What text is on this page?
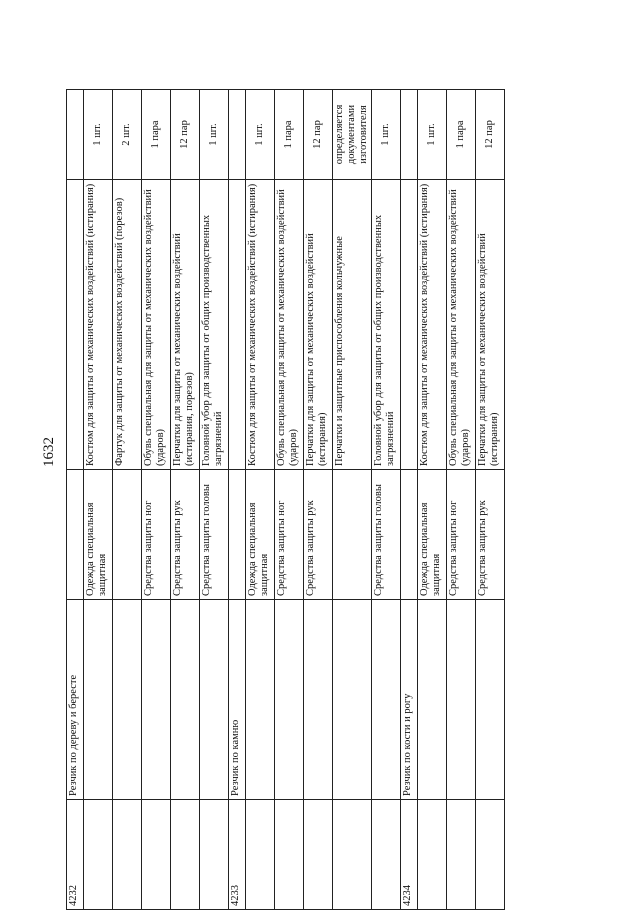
1632
4232	Резчик по дереву и бересте			
		Одежда специальная защитная	Костюм для защиты от механических воздействий (истирания)	1 шт.
			Фартук для защиты от механических воздействий (порезов)	2 шт.
		Средства защиты ног	Обувь специальная для защиты от механических воздействий (ударов)	1 пара
		Средства защиты рук	Перчатки для защиты от механических воздействий (истирания, порезов)	12 пар
		Средства защиты головы	Головной убор для защиты от общих производственных загрязнений	1 шт.
4233	Резчик по камню			
		Одежда специальная защитная	Костюм для защиты от механических воздействий (истирания)	1 шт.
		Средства защиты ног	Обувь специальная для защиты от механических воздействий (ударов)	1 пара
		Средства защиты рук	Перчатки для защиты от механических воздействий (истирания)	12 пар
			Перчатки и защитные приспособления кольчужные	определяется документами изготовителя
		Средства защиты головы	Головной убор для защиты от общих производственных загрязнений	1 шт.
4234	Резчик по кости и рогу			
		Одежда специальная защитная	Костюм для защиты от механических воздействий (истирания)	1 шт.
		Средства защиты ног	Обувь специальная для защиты от механических воздействий (ударов)	1 пара
		Средства защиты рук	Перчатки для защиты от механических воздействий (истирания)	12 пар
